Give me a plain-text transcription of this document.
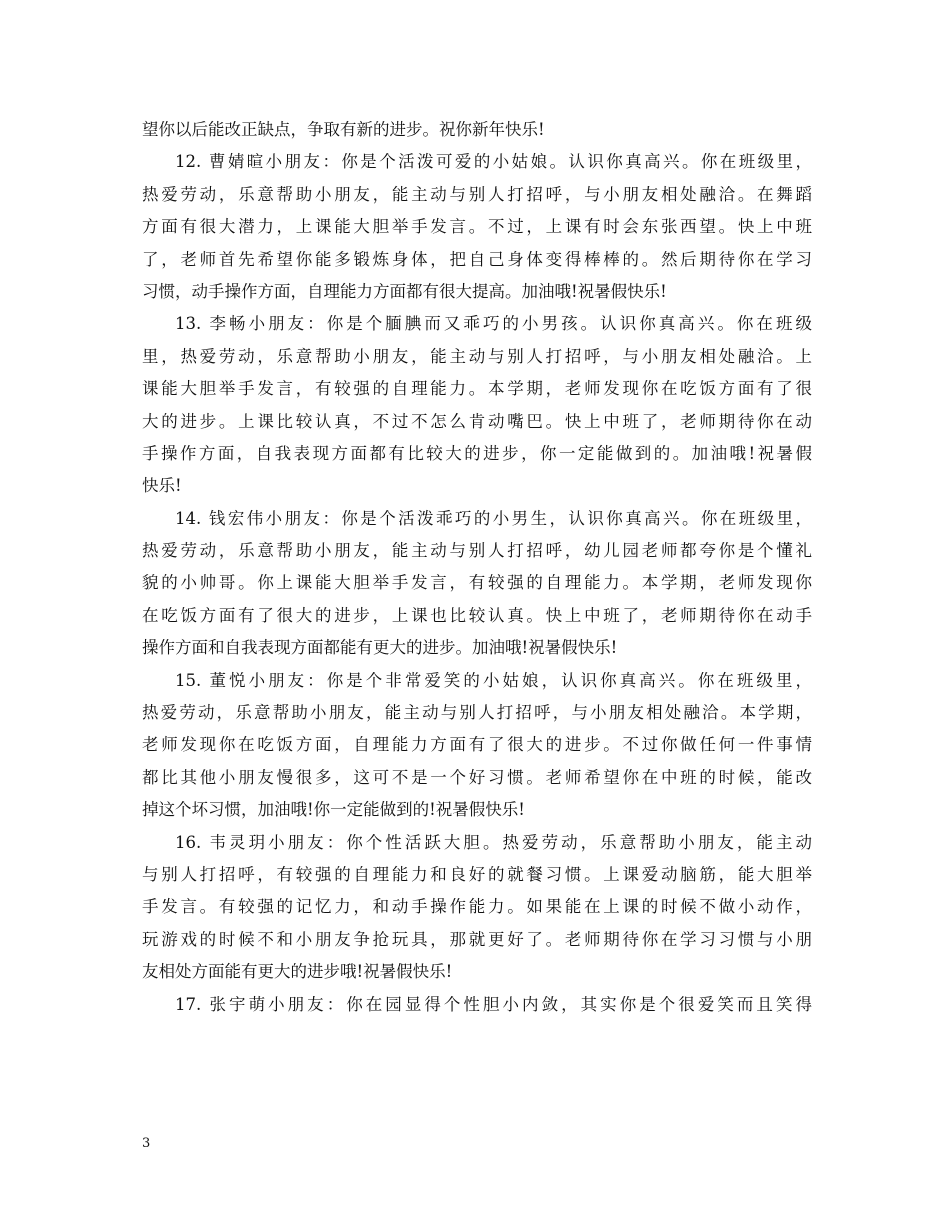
望你以后能改正缺点，争取有新的进步。祝你新年快乐!
12. 曹婧暄小朋友：你是个活泼可爱的小姑娘。认识你真高兴。你在班级里，
热爱劳动，乐意帮助小朋友，能主动与别人打招呼，与小朋友相处融洽。在舞蹈
方面有很大潜力，上课能大胆举手发言。不过，上课有时会东张西望。快上中班
了，老师首先希望你能多锻炼身体，把自己身体变得棒棒的。然后期待你在学习
习惯，动手操作方面，自理能力方面都有很大提高。加油哦!祝暑假快乐!
13. 李畅小朋友：你是个腼腆而又乖巧的小男孩。认识你真高兴。你在班级
里，热爱劳动，乐意帮助小朋友，能主动与别人打招呼，与小朋友相处融洽。上
课能大胆举手发言，有较强的自理能力。本学期，老师发现你在吃饭方面有了很
大的进步。上课比较认真，不过不怎么肯动嘴巴。快上中班了，老师期待你在动
手操作方面，自我表现方面都有比较大的进步，你一定能做到的。加油哦!祝暑假
快乐!
14. 钱宏伟小朋友：你是个活泼乖巧的小男生，认识你真高兴。你在班级里，
热爱劳动，乐意帮助小朋友，能主动与别人打招呼，幼儿园老师都夸你是个懂礼
貌的小帅哥。你上课能大胆举手发言，有较强的自理能力。本学期，老师发现你
在吃饭方面有了很大的进步，上课也比较认真。快上中班了，老师期待你在动手
操作方面和自我表现方面都能有更大的进步。加油哦!祝暑假快乐!
15. 董悦小朋友：你是个非常爱笑的小姑娘，认识你真高兴。你在班级里，
热爱劳动，乐意帮助小朋友，能主动与别人打招呼，与小朋友相处融洽。本学期，
老师发现你在吃饭方面，自理能力方面有了很大的进步。不过你做任何一件事情
都比其他小朋友慢很多，这可不是一个好习惯。老师希望你在中班的时候，能改
掉这个坏习惯，加油哦!你一定能做到的!祝暑假快乐!
16. 韦灵玥小朋友：你个性活跃大胆。热爱劳动，乐意帮助小朋友，能主动
与别人打招呼，有较强的自理能力和良好的就餐习惯。上课爱动脑筋，能大胆举
手发言。有较强的记忆力，和动手操作能力。如果能在上课的时候不做小动作，
玩游戏的时候不和小朋友争抢玩具，那就更好了。老师期待你在学习习惯与小朋
友相处方面能有更大的进步哦!祝暑假快乐!
17. 张宇萌小朋友：你在园显得个性胆小内敛，其实你是个很爱笑而且笑得
3
